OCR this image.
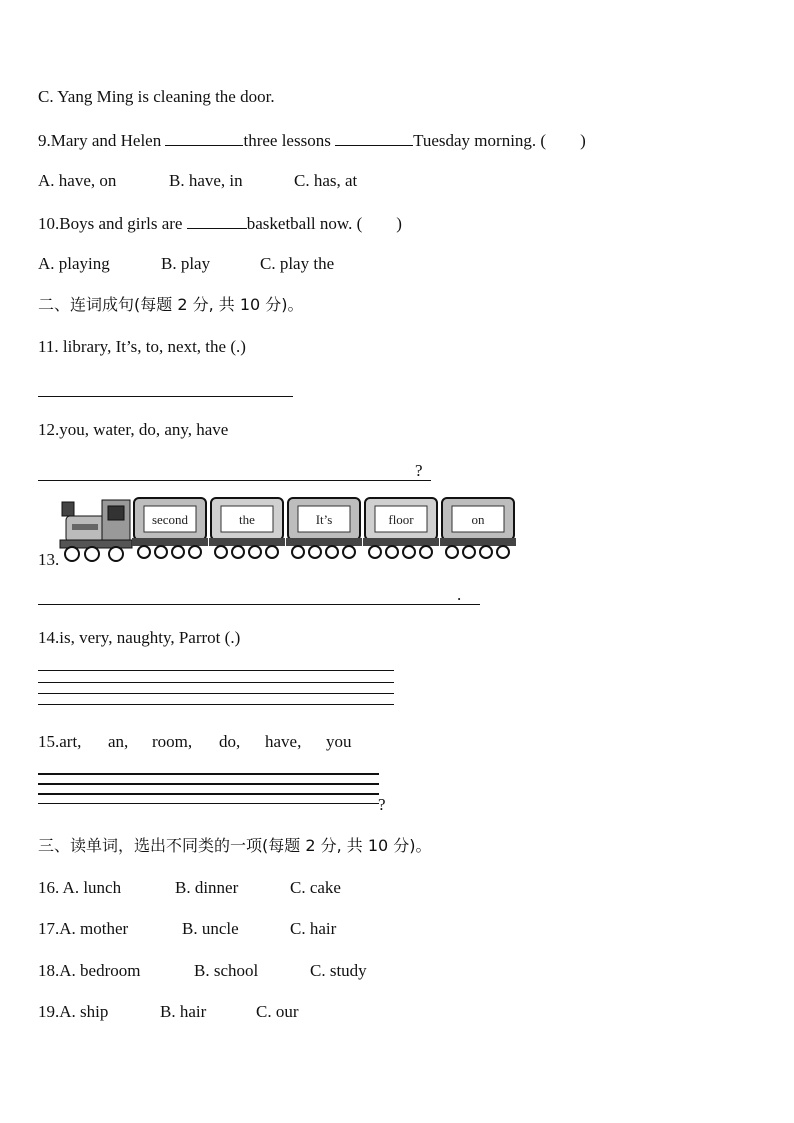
C. Yang Ming is cleaning the door.
9.Mary and Helen	three lessons	Tuesday morning. ( )
A. have, on	B. have, in	C. has, at
10.Boys and girls are	basketball now. ( )
A. playing	B. play	C. play the
二、连词成句(每题 2 分, 共 10 分)。
11. library, It’s, to, next, the (.)
12.you, water, do, any, have
?
second	the	It’s	floor	on
13.
.
14.is, very, naughty, Parrot (.)
15.art, an, room, do, have, you
?
三、读单词，选出不同类的一项(每题 2 分, 共 10 分)。
16. A. lunch	B. dinner	C. cake
17.A. mother	B. uncle	C. hair
18.A. bedroom	B. school	C. study
19.A. ship	B. hair	C. our
